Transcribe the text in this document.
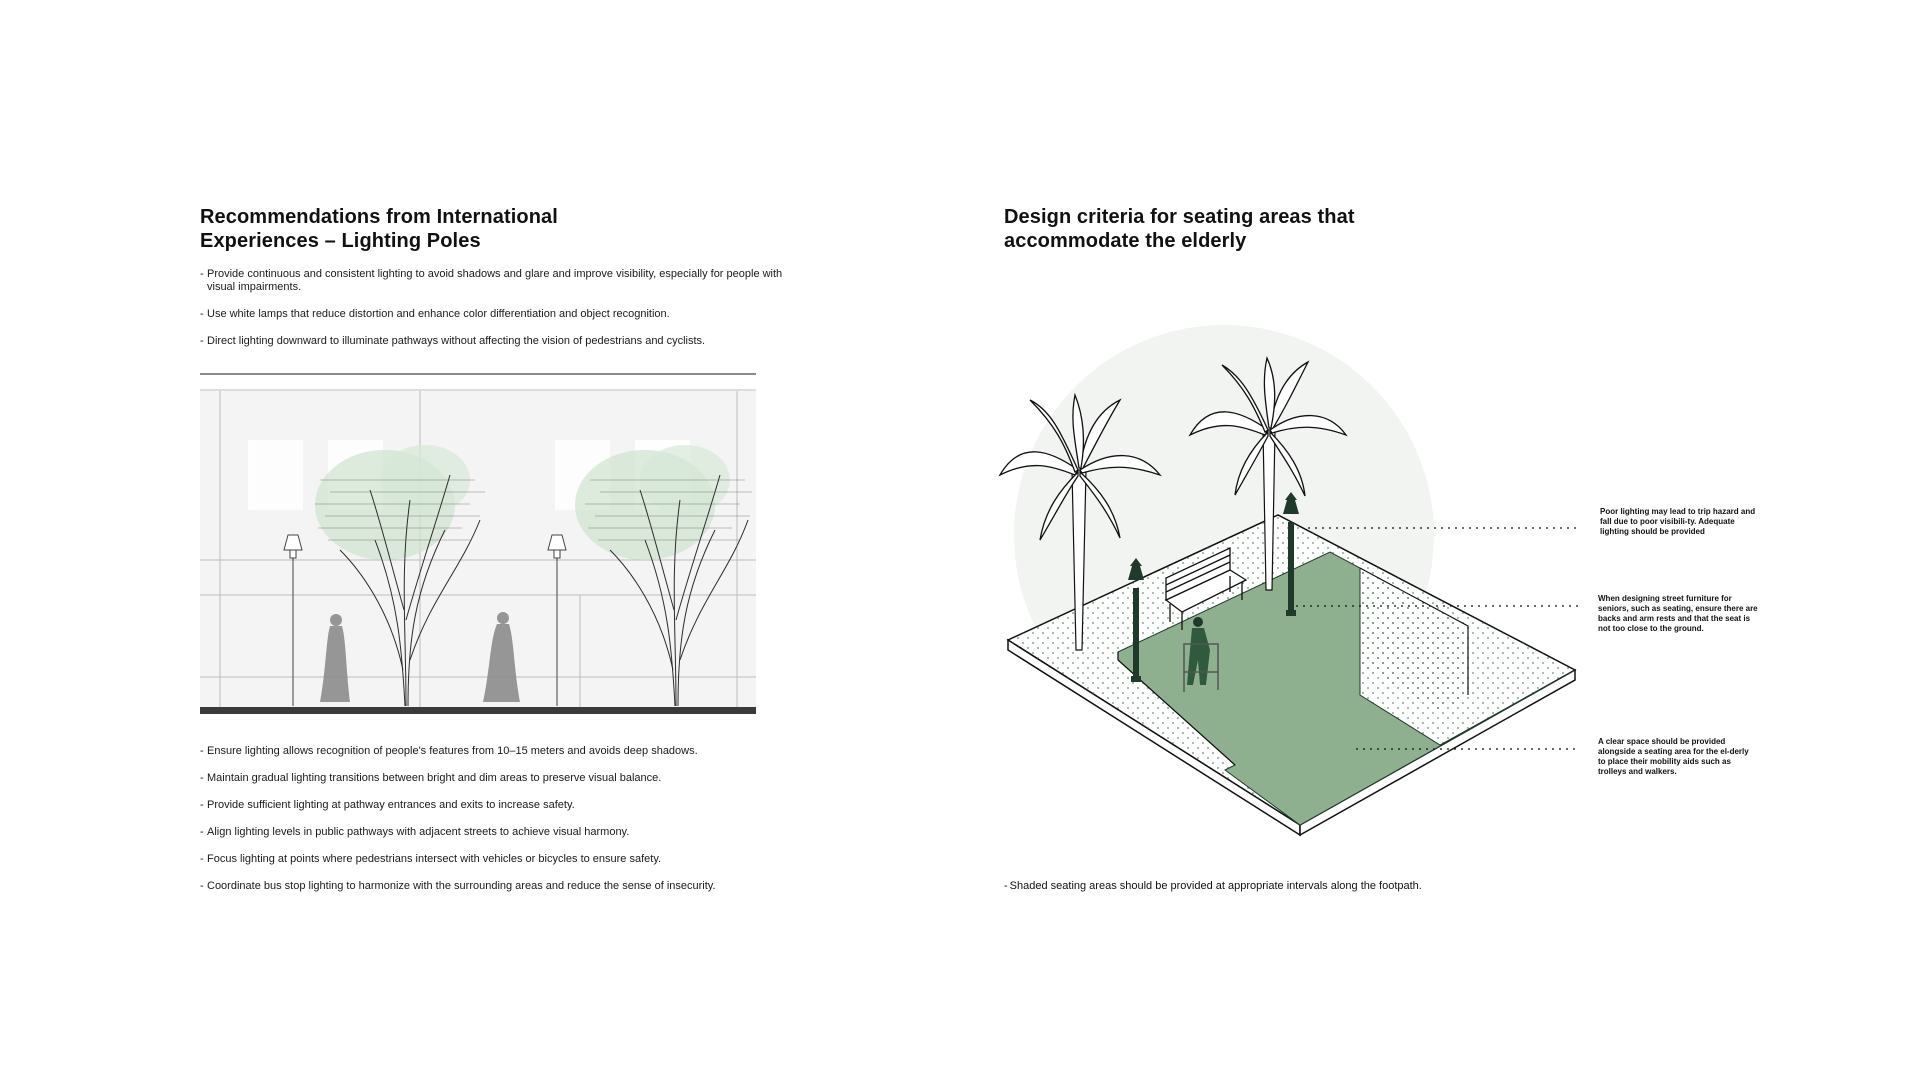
Recommendations from International
Experiences – Lighting Poles
- Provide continuous and consistent lighting to avoid shadows and glare and improve visibility, especially for people with visual impairments.
- Use white lamps that reduce distortion and enhance color differentiation and object recognition.
- Direct lighting downward to illuminate pathways without affecting the vision of pedestrians and cyclists.
- Ensure lighting allows recognition of people's features from 10–15 meters and avoids deep shadows.
- Maintain gradual lighting transitions between bright and dim areas to preserve visual balance.
- Provide sufficient lighting at pathway entrances and exits to increase safety.
- Align lighting levels in public pathways with adjacent streets to achieve visual harmony.
- Focus lighting at points where pedestrians intersect with vehicles or bicycles to ensure safety.
- Coordinate bus stop lighting to harmonize with the surrounding areas and reduce the sense of insecurity.
Design criteria for seating areas that
accommodate the elderly
Poor lighting may lead to trip hazard and fall due to poor visibili-ty. Adequate lighting should be provided
When designing street furniture for seniors, such as seating, ensure there are backs and arm rests and that the seat is not too close to the ground.
A clear space should be provided alongside a seating area for the el-derly to place their mobility aids such as trolleys and walkers.
- Shaded seating areas should be provided at appropriate intervals along the footpath.
